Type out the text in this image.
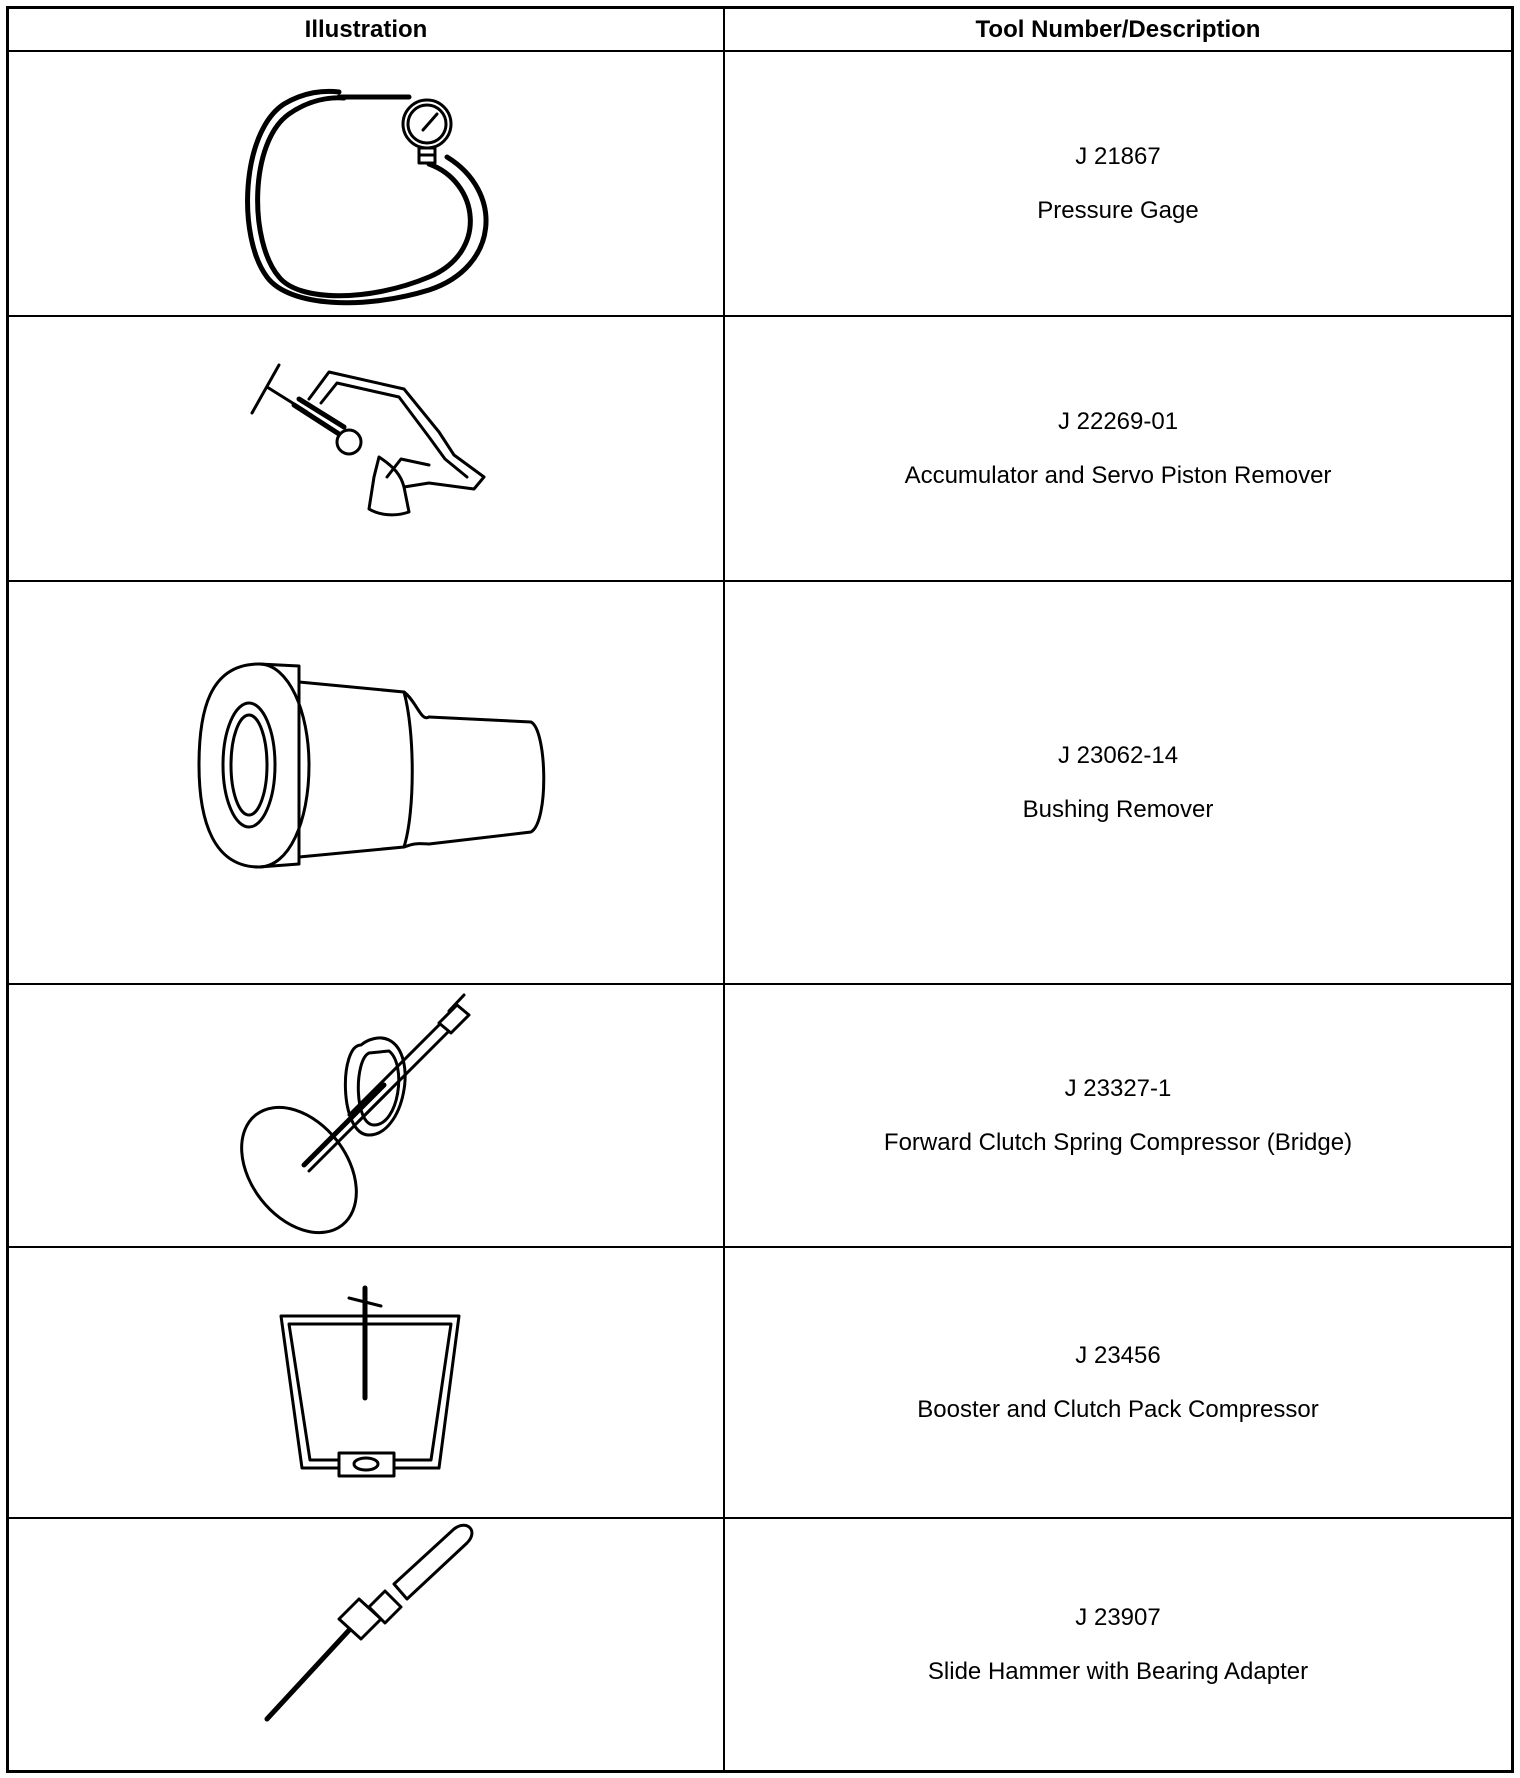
Illustration	Tool Number/Description
J 21867
Pressure Gage
J 22269-01
Accumulator and Servo Piston Remover
J 23062-14
Bushing Remover
J 23327-1
Forward Clutch Spring Compressor (Bridge)
J 23456
Booster and Clutch Pack Compressor
J 23907
Slide Hammer with Bearing Adapter
